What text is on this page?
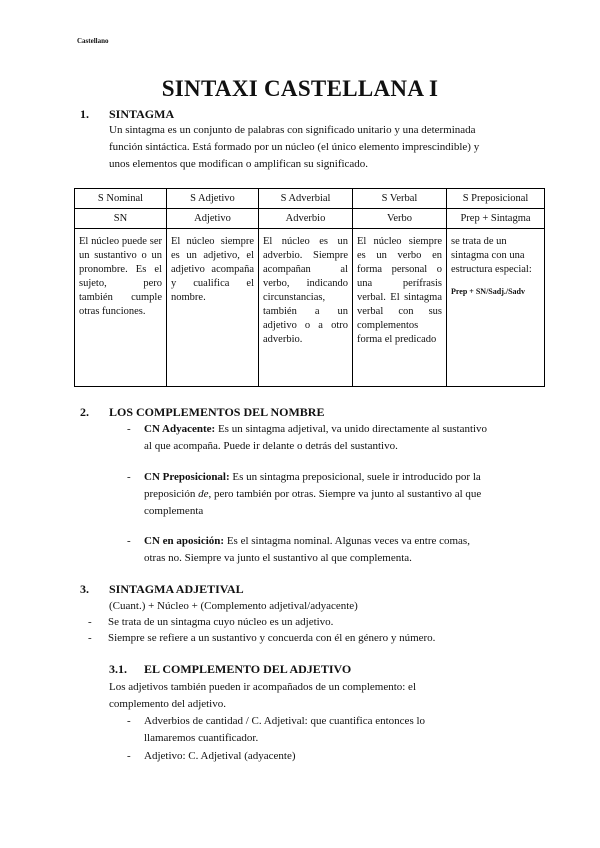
Castellano
SINTAXI CASTELLANA I
1. SINTAGMA
Un sintagma es un conjunto de palabras con significado unitario y una determinada
función sintáctica. Está formado por un núcleo (el único elemento imprescindible) y
unos elementos que modifican o amplifican su significado.
S Nominal	S Adjetivo	S Adverbial	S Verbal	S Preposicional
SN	Adjetivo	Adverbio	Verbo	Prep + Sintagma
El núcleo puede ser un sustantivo o un pronombre. Es el sujeto, pero también cumple otras funciones.	El núcleo siempre es un adjetivo, el adjetivo acompaña y cualifica el nombre.	El núcleo es un adverbio. Siempre acompañan al verbo, indicando circunstancias, también a un adjetivo o a otro adverbio.	El núcleo siempre es un verbo en forma personal o una perífrasis verbal. El sintagma verbal con sus complementos forma el predicado	se trata de un sintagma con una estructura especial:
Prep + SN/Sadj./Sadv
2. LOS COMPLEMENTOS DEL NOMBRE
- CN Adyacente: Es un sintagma adjetival, va unido directamente al sustantivo
al que acompaña. Puede ir delante o detrás del sustantivo.
- CN Preposicional: Es un sintagma preposicional, suele ir introducido por la
preposición de, pero también por otras. Siempre va junto al sustantivo al que
complementa
- CN en aposición: Es el sintagma nominal. Algunas veces va entre comas,
otras no. Siempre va junto el sustantivo al que complementa.
3. SINTAGMA ADJETIVAL
(Cuant.) + Núcleo + (Complemento adjetival/adyacente)
- Se trata de un sintagma cuyo núcleo es un adjetivo.
- Siempre se refiere a un sustantivo y concuerda con él en género y número.
3.1. EL COMPLEMENTO DEL ADJETIVO
Los adjetivos también pueden ir acompañados de un complemento: el
complemento del adjetivo.
- Adverbios de cantidad / C. Adjetival: que cuantifica entonces lo
llamaremos cuantificador.
- Adjetivo: C. Adjetival (adyacente)
